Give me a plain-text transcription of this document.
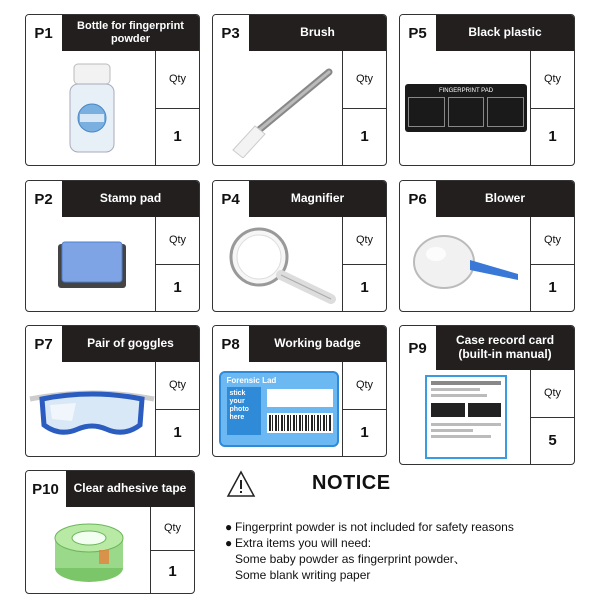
P1	Bottle for fingerprint powder
Qty
1
P3	Brush
Qty
1
P5	Black plastic
FINGERPRINT PAD
Qty
1
P2	Stamp pad
Qty
1
P4	Magnifier
Qty
1
P6	Blower
Qty
1
P7	Pair of goggles
Qty
1
P8	Working badge
Forensic Lad
stick your photo here
Qty
1
P9	Case record card (built-in manual)
Qty
5
P10	Clear adhesive tape
Qty
1
NOTICE
● Fingerprint powder is not included for safety reasons
● Extra items you will need:
Some baby powder as fingerprint powder、
Some blank writing paper
